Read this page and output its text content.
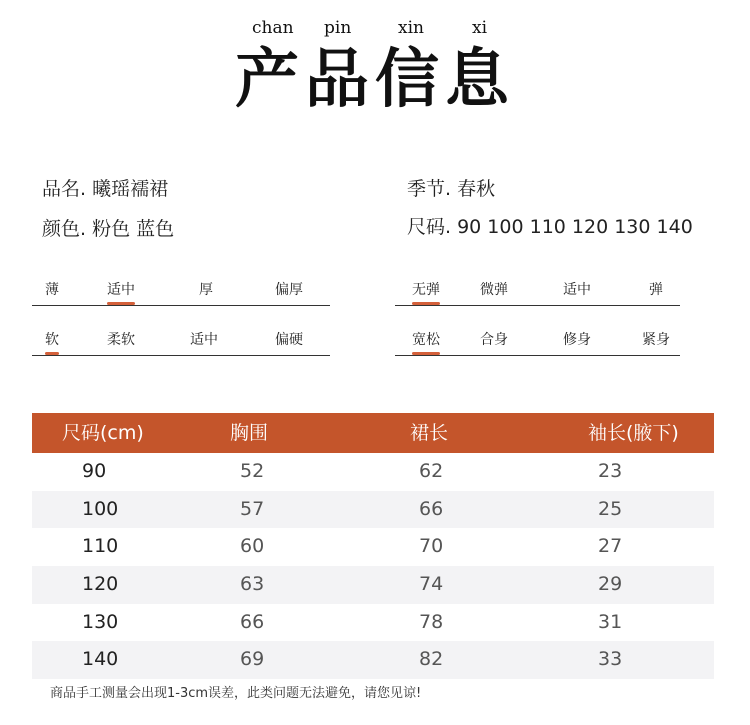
chan pin	xin	xi
产品信息
品名. 曦瑶襦裙	季节. 春秋
颜色. 粉色 蓝色	尺码. 90 100 110 120 130 140
薄	适中	厚	偏厚	无弹	微弹	适中	弹
软	柔软	适中	偏硬	宽松	合身	修身	紧身
尺码(cm)	胸围	裙长	袖长(腋下)
90	52	62	23
100	57	66	25
110	60	70	27
120	63	74	29
130	66	78	31
140	69	82	33
商品手工测量会出现1-3cm误差，此类问题无法避免，请您见谅!
